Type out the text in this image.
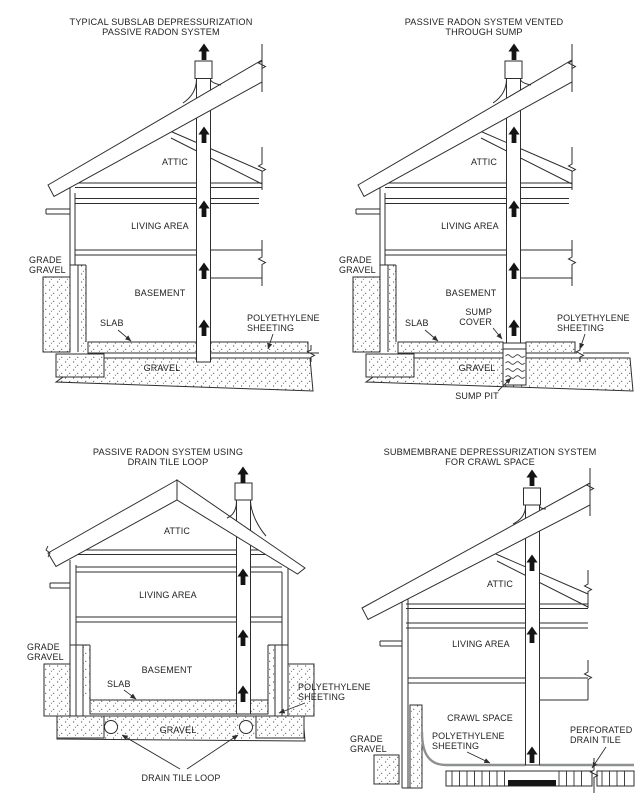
TYPICAL SUBSLAB DEPRESSURIZATION
PASSIVE RADON SYSTEM
ATTIC
LIVING AREA
GRADE
GRAVEL
BASEMENT
SLAB	POLYETHYLENE
SHEETING
GRAVEL
PASSIVE RADON SYSTEM VENTED
THROUGH SUMP
ATTIC
LIVING AREA
GRADE
GRAVEL
BASEMENT
SUMP
COVER
SLAB	POLYETHYLENE
SHEETING
GRAVEL
SUMP PIT
PASSIVE RADON SYSTEM USING
DRAIN TILE LOOP
ATTIC
LIVING AREA
GRADE
GRAVEL
BASEMENT
SLAB	POLYETHYLENE
SHEETING
GRAVEL
DRAIN TILE LOOP
SUBMEMBRANE DEPRESSURIZATION SYSTEM
FOR CRAWL SPACE
ATTIC
LIVING AREA
CRAWL SPACE
POLYETHYLENE
SHEETING
GRADE
GRAVEL
PERFORATED
DRAIN TILE
